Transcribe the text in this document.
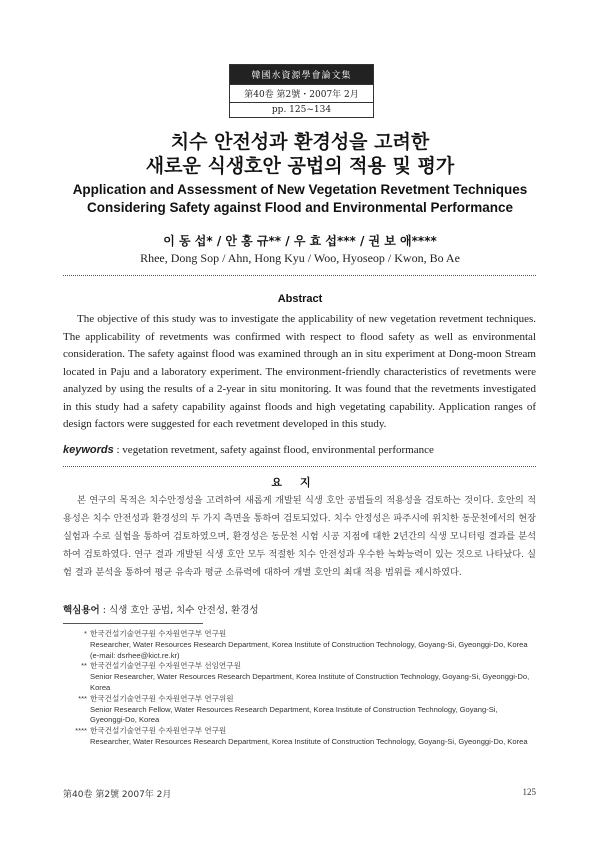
韓國水資源學會論文集
第40卷 第2號・2007年 2月
pp. 125~134
치수 안전성과 환경성을 고려한
새로운 식생호안 공법의 적용 및 평가
Application and Assessment of New Vegetation Revetment Techniques
Considering Safety against Flood and Environmental Performance
이 동 섭* / 안 홍 규** / 우 효 섭*** / 권 보 애****
Rhee, Dong Sop / Ahn, Hong Kyu / Woo, Hyoseop / Kwon, Bo Ae
Abstract
The objective of this study was to investigate the applicability of new vegetation revetment techniques. The applicability of revetments was confirmed with respect to flood safety as well as environmental consideration. The safety against flood was examined through an in situ experiment at Dong-moon Stream located in Paju and a laboratory experiment. The environment-friendly characteristics of revetments were analyzed by using the results of a 2-year in situ monitoring. It was found that the revetments investigated in this study had a safety capability against floods and high vegetating capability. Application ranges of design factors were suggested for each revetment developed in this study.
keywords : vegetation revetment, safety against flood, environmental performance
요지
본 연구의 목적은 치수안정성을 고려하여 새롭게 개발된 식생 호안 공법들의 적용성을 검토하는 것이다. 호안의 적용성은 치수 안전성과 환경성의 두 가지 측면을 통하여 검토되었다. 치수 안정성은 파주시에 위치한 동문천에서의 현장 실험과 수로 실험을 통하여 검토하였으며, 환경성은 동문천 시험 시공 지점에 대한 2년간의 식생 모니터링 결과를 분석하여 검토하였다. 연구 결과 개발된 식생 호안 모두 적절한 치수 안전성과 우수한 녹화능력이 있는 것으로 나타났다. 실험 결과 분석을 통하여 평균 유속과 평균 소류력에 대하여 개별 호안의 최대 적용 범위를 제시하였다.
핵심용어 : 식생 호안 공법, 치수 안전성, 환경성
* 한국건설기술연구원 수자원연구부 연구원
Researcher, Water Resources Research Department, Korea Institute of Construction Technology, Goyang-Si, Gyeonggi-Do, Korea
(e-mail: dsrhee@kict.re.kr)
** 한국건설기술연구원 수자원연구부 선임연구원
Senior Researcher, Water Resources Research Department, Korea Institute of Construction Technology, Goyang-Si, Gyeonggi-Do, Korea
*** 한국건설기술연구원 수자원연구부 연구위원
Senior Research Fellow, Water Resources Research Department, Korea Institute of Construction Technology, Goyang-Si, Gyeonggi-Do, Korea
**** 한국건설기술연구원 수자원연구부 연구원
Researcher, Water Resources Research Department, Korea Institute of Construction Technology, Goyang-Si, Gyeonggi-Do, Korea
第40卷 第2號 2007年 2月	125
